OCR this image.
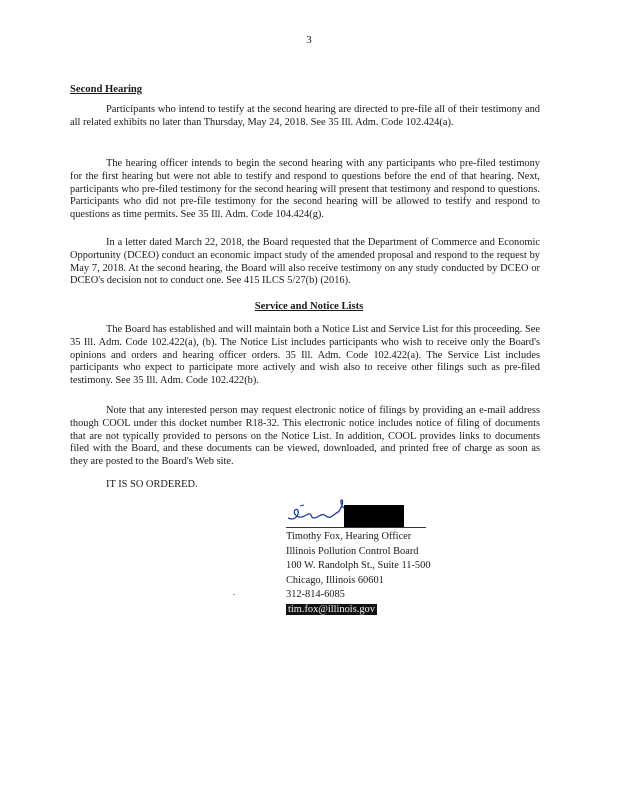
3
Second Hearing
Participants who intend to testify at the second hearing are directed to pre-file all of their testimony and all related exhibits no later than Thursday, May 24, 2018. See 35 Ill. Adm. Code 102.424(a).
The hearing officer intends to begin the second hearing with any participants who pre-filed testimony for the first hearing but were not able to testify and respond to questions before the end of that hearing. Next, participants who pre-filed testimony for the second hearing will present that testimony and respond to questions. Participants who did not pre-file testimony for the second hearing will be allowed to testify and respond to questions as time permits. See 35 Ill. Adm. Code 104.424(g).
In a letter dated March 22, 2018, the Board requested that the Department of Commerce and Economic Opportunity (DCEO) conduct an economic impact study of the amended proposal and respond to the request by May 7, 2018. At the second hearing, the Board will also receive testimony on any study conducted by DCEO or DCEO's decision not to conduct one. See 415 ILCS 5/27(b) (2016).
Service and Notice Lists
The Board has established and will maintain both a Notice List and Service List for this proceeding. See 35 Ill. Adm. Code 102.422(a), (b). The Notice List includes participants who wish to receive only the Board's opinions and orders and hearing officer orders. 35 Ill. Adm. Code 102.422(a). The Service List includes participants who expect to participate more actively and wish also to receive other filings such as pre-filed testimony. See 35 Ill. Adm. Code 102.422(b).
Note that any interested person may request electronic notice of filings by providing an e-mail address though COOL under this docket number R18-32. This electronic notice includes notice of filing of documents that are not typically provided to persons on the Notice List. In addition, COOL provides links to documents filed with the Board, and these documents can be viewed, downloaded, and printed free of charge as soon as they are posted to the Board's Web site.
IT IS SO ORDERED.
Timothy Fox, Hearing Officer
Illinois Pollution Control Board
100 W. Randolph St., Suite 11-500
Chicago, Illinois 60601
312-814-6085
tim.fox@illinois.gov
